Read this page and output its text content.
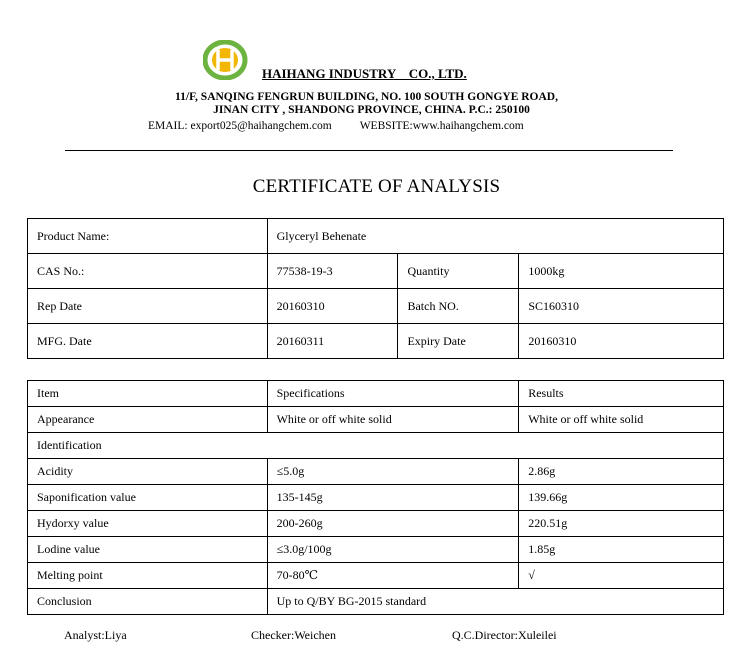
HAIHANG INDUSTRY    CO., LTD.
11/F, SANQING FENGRUN BUILDING, NO. 100 SOUTH GONGYE ROAD,
JINAN CITY , SHANDONG PROVINCE, CHINA. P.C.: 250100
EMAIL: export025@haihangchem.com WEBSITE:www.haihangchem.com
CERTIFICATE OF ANALYSIS
Product Name:	Glyceryl Behenate		
CAS No.:	77538-19-3	Quantity	1000kg
Rep Date	20160310	Batch NO.	SC160310
MFG. Date	20160311	Expiry Date	20160310
Item	Specifications	Results
Appearance	White or off white solid	White or off white solid
Identification		
Acidity	≤5.0g	2.86g
Saponification value	135-145g	139.66g
Hydorxy value	200-260g	220.51g
Lodine value	≤3.0g/100g	1.85g
Melting point	70-80℃	√
Conclusion	Up to Q/BY BG-2015 standard	
Analyst:Liya	Checker:Weichen	Q.C.Director:Xuleilei
